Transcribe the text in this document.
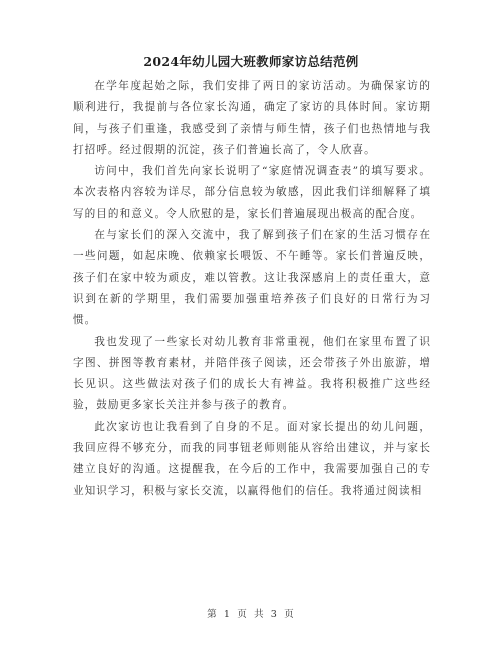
2024年幼儿园大班教师家访总结范例

在学年度起始之际，我们安排了两日的家访活动。为确保家访的顺利进行，我提前与各位家长沟通，确定了家访的具体时间。家访期间，与孩子们重逢，我感受到了亲情与师生情，孩子们也热情地与我打招呼。经过假期的沉淀，孩子们普遍长高了，令人欣喜。

访问中，我们首先向家长说明了“家庭情况调查表”的填写要求。本次表格内容较为详尽，部分信息较为敏感，因此我们详细解释了填写的目的和意义。令人欣慰的是，家长们普遍展现出极高的配合度。

在与家长们的深入交流中，我了解到孩子们在家的生活习惯存在一些问题，如起床晚、依赖家长喂饭、不午睡等。家长们普遍反映，孩子们在家中较为顽皮，难以管教。这让我深感肩上的责任重大，意识到在新的学期里，我们需要加强重培养孩子们良好的日常行为习惯。

我也发现了一些家长对幼儿教育非常重视，他们在家里布置了识字图、拼图等教育素材，并陪伴孩子阅读，还会带孩子外出旅游，增长见识。这些做法对孩子们的成长大有裨益。我将积极推广这些经验，鼓励更多家长关注并参与孩子的教育。

此次家访也让我看到了自身的不足。面对家长提出的幼儿问题，我回应得不够充分，而我的同事钮老师则能从容给出建议，并与家长建立良好的沟通。这提醒我，在今后的工作中，我需要加强自己的专业知识学习，积极与家长交流，以赢得他们的信任。我将通过阅读相

第 1 页 共 3 页
